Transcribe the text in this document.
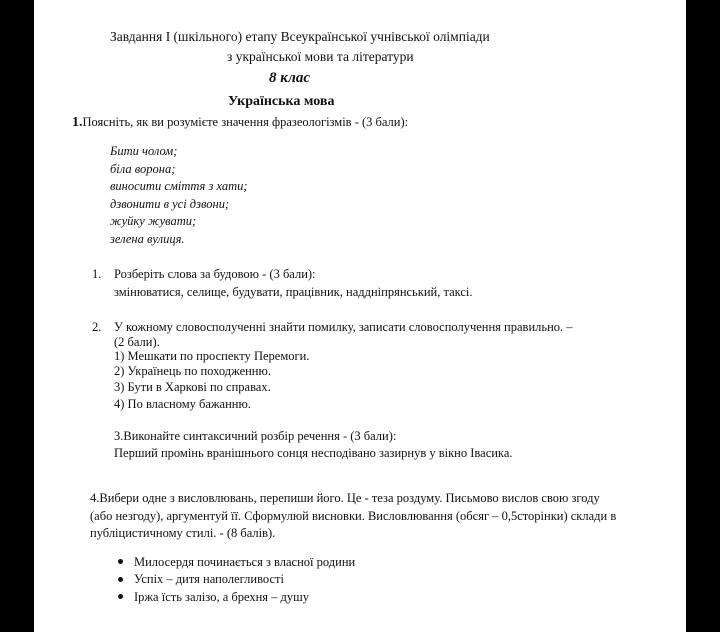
Завдання І (шкільного) етапу Всеукраїнської учнівської олімпіади
з української мови та літератури
8 клас
Українська мова
1.Поясніть, як ви розумієте значення фразеологізмів - (3 бали):
Бити чолом;
біла ворона;
виносити сміття з хати;
дзвонити в усі дзвони;
жуйку жувати;
зелена вулиця.
1. Розберіть слова за будовою - (3 бали):
змінюватися, селище, будувати, працівник, наддніпрянський, таксі.
2. У кожному словосполученні знайти помилку, записати словосполучення правильно. –
(2 бали).
1) Мешкати по проспекту Перемоги.
2) Українець по походженню.
3) Бути в Харкові по справах.
4) По власному бажанню.
3.Виконайте синтаксичний розбір речення - (3 бали):
Перший промінь вранішнього сонця несподівано зазирнув у вікно Івасика.
4.Вибери одне з висловлювань, перепиши його. Це - теза роздуму. Письмово вислов свою згоду
(або незгоду), аргументуй її. Сформулюй висновки. Висловлювання (обсяг – 0,5сторінки) склади в
публіцистичному стилі. - (8 балів).
Милосердя починається з власної родини
Успіх – дитя наполегливості
Іржа їсть залізо, а брехня – душу
